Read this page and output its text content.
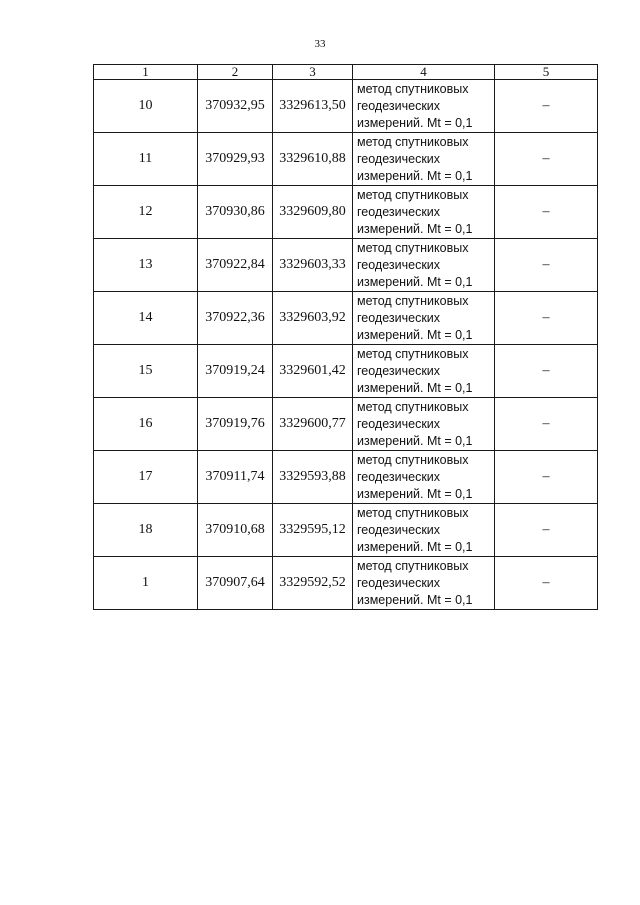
33
1	2	3	4	5
10	370932,95	3329613,50	метод спутниковых
геодезических
измерений. Mt = 0,1	–
11	370929,93	3329610,88	метод спутниковых
геодезических
измерений. Mt = 0,1	–
12	370930,86	3329609,80	метод спутниковых
геодезических
измерений. Mt = 0,1	–
13	370922,84	3329603,33	метод спутниковых
геодезических
измерений. Mt = 0,1	–
14	370922,36	3329603,92	метод спутниковых
геодезических
измерений. Mt = 0,1	–
15	370919,24	3329601,42	метод спутниковых
геодезических
измерений. Mt = 0,1	–
16	370919,76	3329600,77	метод спутниковых
геодезических
измерений. Mt = 0,1	–
17	370911,74	3329593,88	метод спутниковых
геодезических
измерений. Mt = 0,1	–
18	370910,68	3329595,12	метод спутниковых
геодезических
измерений. Mt = 0,1	–
1	370907,64	3329592,52	метод спутниковых
геодезических
измерений. Mt = 0,1	–
